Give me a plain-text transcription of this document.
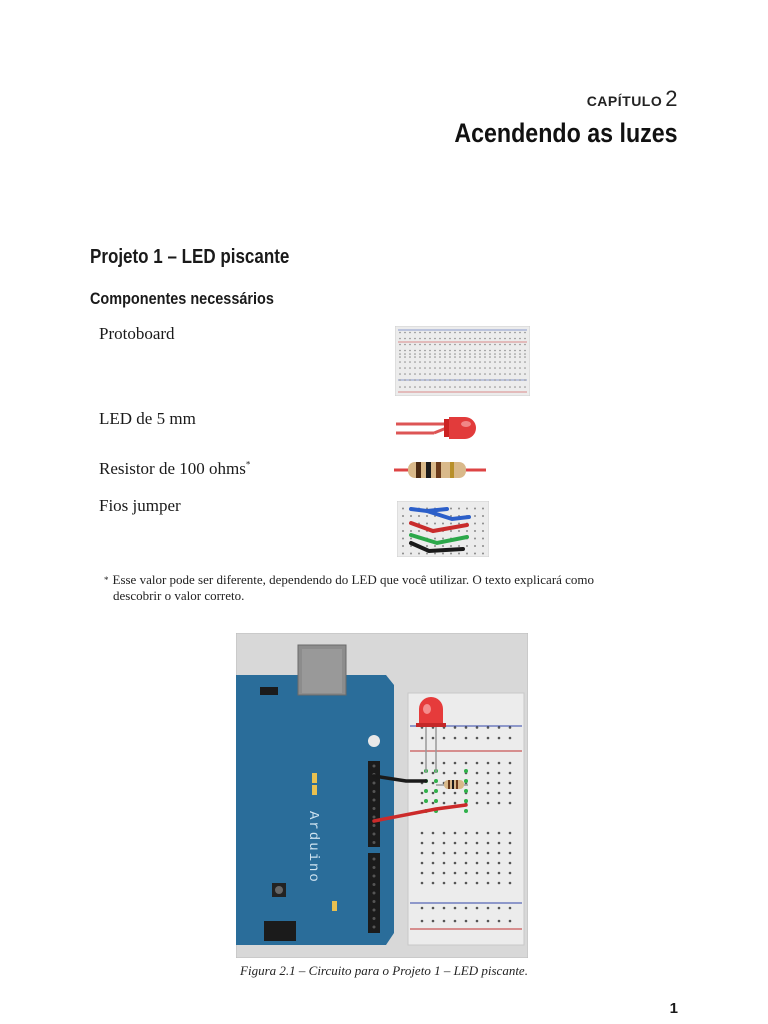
CAPÍTULO 2
Acendendo as luzes
Projeto 1 – LED piscante
Componentes necessários
Protoboard
LED de 5 mm
Resistor de 100 ohms*
Fios jumper
* Esse valor pode ser diferente, dependendo do LED que você utilizar. O texto explicará como
descobrir o valor correto.
Arduino
Figura 2.1 – Circuito para o Projeto 1 – LED piscante.
1
